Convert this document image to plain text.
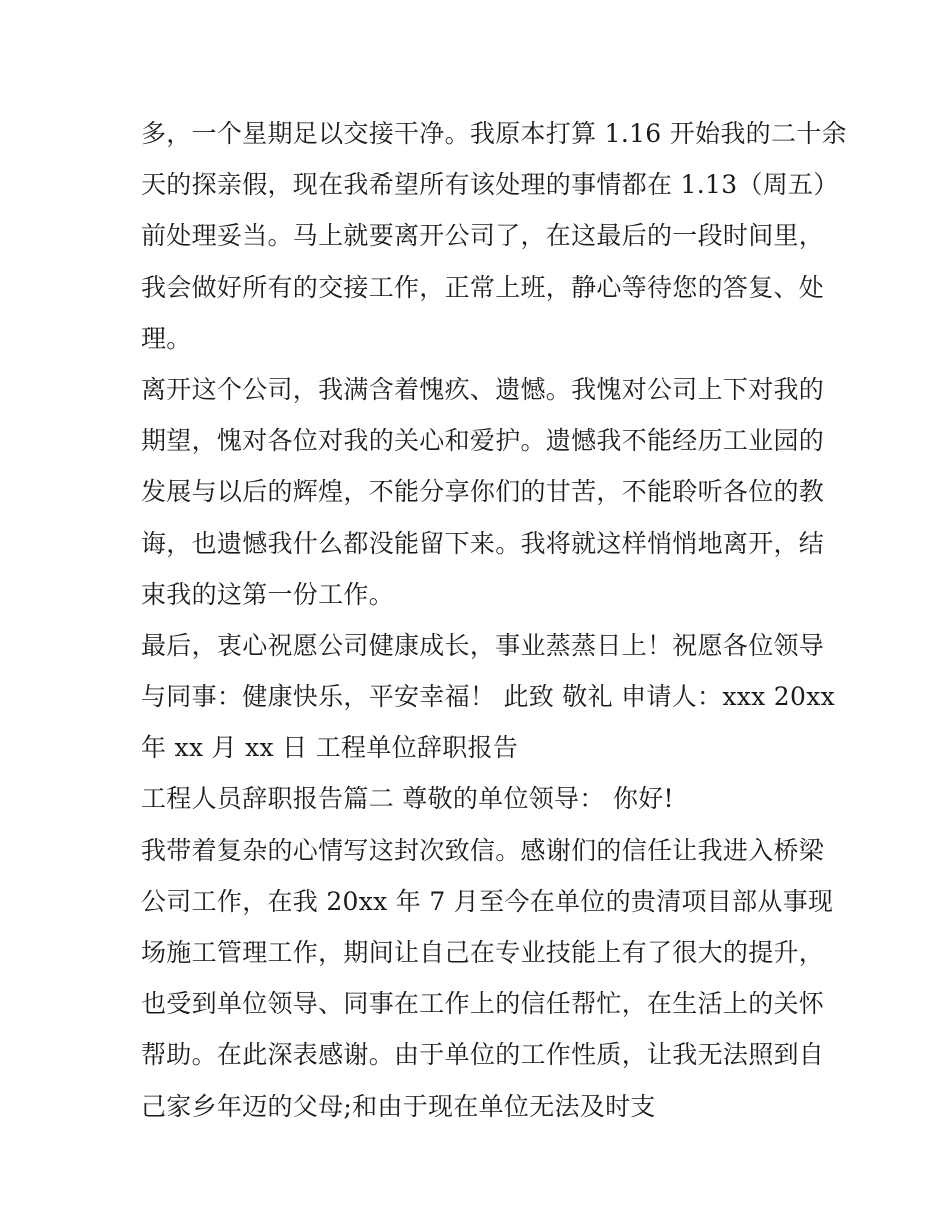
多，一个星期足以交接干净。我原本打算 1.16 开始我的二十余
天的探亲假，现在我希望所有该处理的事情都在 1.13（周五）
前处理妥当。马上就要离开公司了，在这最后的一段时间里，
我会做好所有的交接工作，正常上班，静心等待您的答复、处
理。
离开这个公司，我满含着愧疚、遗憾。我愧对公司上下对我的
期望，愧对各位对我的关心和爱护。遗憾我不能经历工业园的
发展与以后的辉煌，不能分享你们的甘苦，不能聆听各位的教
诲，也遗憾我什么都没能留下来。我将就这样悄悄地离开，结
束我的这第一份工作。
最后，衷心祝愿公司健康成长，事业蒸蒸日上！祝愿各位领导
与同事：健康快乐，平安幸福！ 此致 敬礼 申请人：xxx 20xx
年 xx 月 xx 日 工程单位辞职报告
工程人员辞职报告篇二 尊敬的单位领导： 你好!
我带着复杂的心情写这封次致信。感谢们的信任让我进入桥梁
公司工作，在我 20xx 年 7 月至今在单位的贵清项目部从事现
场施工管理工作，期间让自己在专业技能上有了很大的提升，
也受到单位领导、同事在工作上的信任帮忙，在生活上的关怀
帮助。在此深表感谢。由于单位的工作性质，让我无法照到自
己家乡年迈的父母;和由于现在单位无法及时支
